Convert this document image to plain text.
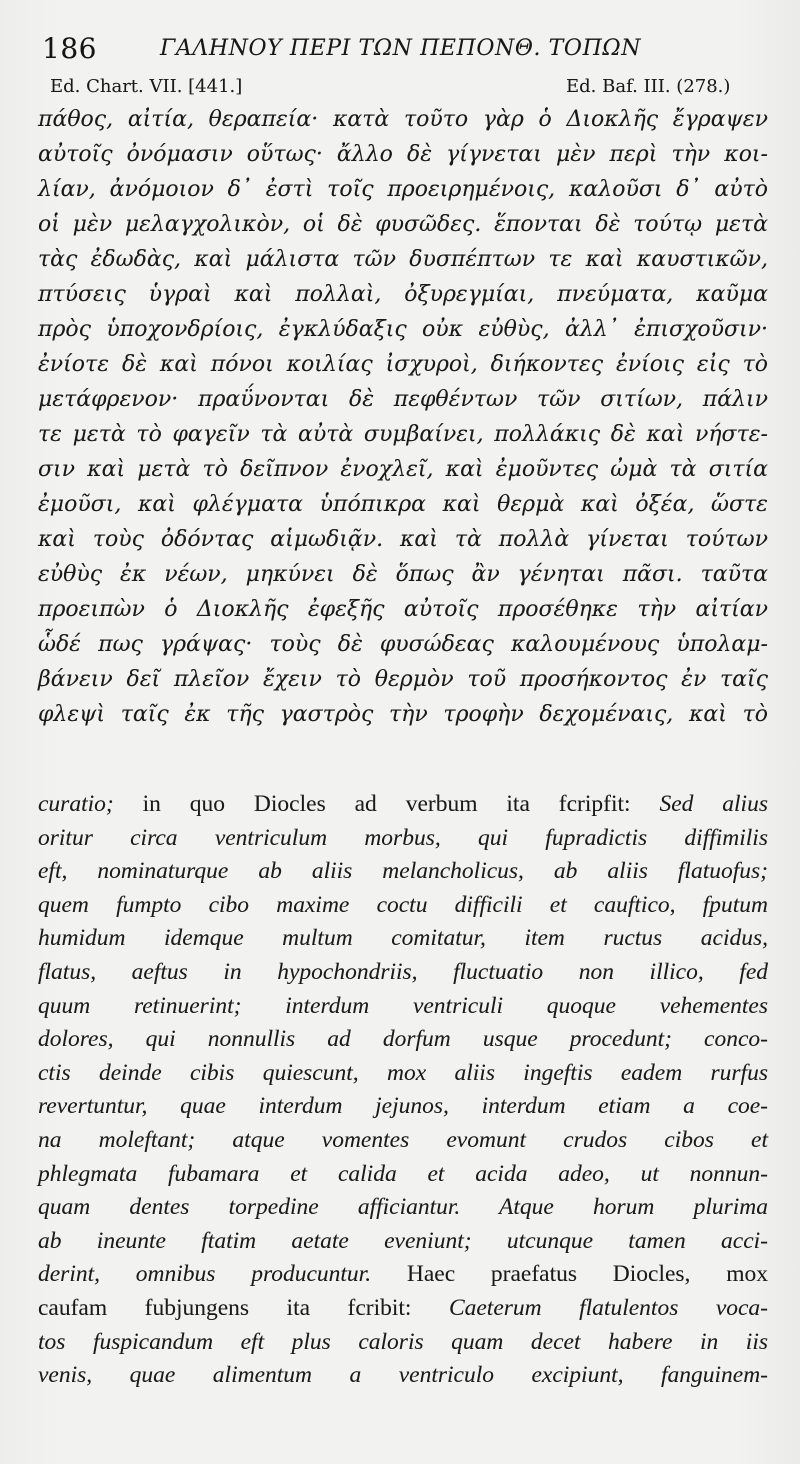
186	ΓΑΛΗΝΟΥ ΠΕΡΙ ΤΩΝ ΠΕΠΟΝΘ. ΤΟΠΩΝ
Ed. Chart. VII. [441.]	Ed. Baf. III. (278.)
πάθος, αἰτία, θεραπεία· κατὰ τοῦτο γὰρ ὁ Διοκλῆς ἔγραψεν
αὐτοῖς ὀνόμασιν οὕτως· ἄλλο δὲ γίγνεται μὲν περὶ τὴν κοι-
λίαν, ἀνόμοιον δ᾽ ἐστὶ τοῖς προειρημένοις, καλοῦσι δ᾽ αὐτὸ
οἱ μὲν μελαγχολικὸν, οἱ δὲ φυσῶδες. ἕπονται δὲ τούτῳ μετὰ
τὰς ἐδωδὰς, καὶ μάλιστα τῶν δυσπέπτων τε καὶ καυστικῶν,
πτύσεις ὑγραὶ καὶ πολλαὶ, ὀξυρεγμίαι, πνεύματα, καῦμα
πρὸς ὑποχονδρίοις, ἐγκλύδαξις οὐκ εὐθὺς, ἀλλ᾽ ἐπισχοῦσιν·
ἐνίοτε δὲ καὶ πόνοι κοιλίας ἰσχυροὶ, διήκοντες ἐνίοις εἰς τὸ
μετάφρενον· πραΰνονται δὲ πεφθέντων τῶν σιτίων, πάλιν
τε μετὰ τὸ φαγεῖν τὰ αὐτὰ συμβαίνει, πολλάκις δὲ καὶ νήστε-
σιν καὶ μετὰ τὸ δεῖπνον ἐνοχλεῖ, καὶ ἐμοῦντες ὠμὰ τὰ σιτία
ἐμοῦσι, καὶ φλέγματα ὑπόπικρα καὶ θερμὰ καὶ ὀξέα, ὥστε
καὶ τοὺς ὀδόντας αἱμωδιᾷν. καὶ τὰ πολλὰ γίνεται τούτων
εὐθὺς ἐκ νέων, μηκύνει δὲ ὅπως ἂν γένηται πᾶσι. ταῦτα
προειπὼν ὁ Διοκλῆς ἐφεξῆς αὐτοῖς προσέθηκε τὴν αἰτίαν
ὧδέ πως γράψας· τοὺς δὲ φυσώδεας καλουμένους ὑπολαμ-
βάνειν δεῖ πλεῖον ἔχειν τὸ θερμὸν τοῦ προσήκοντος ἐν ταῖς
φλεψὶ ταῖς ἐκ τῆς γαστρὸς τὴν τροφὴν δεχομέναις, καὶ τὸ
curatio; in quo Diocles ad verbum ita fcripfit: Sed alius
oritur circa ventriculum morbus, qui fupradictis diffimilis
eft, nominaturque ab aliis melancholicus, ab aliis flatuofus;
quem fumpto cibo maxime coctu difficili et cauftico, fputum
humidum idemque multum comitatur, item ructus acidus,
flatus, aeftus in hypochondriis, fluctuatio non illico, fed
quum retinuerint; interdum ventriculi quoque vehementes
dolores, qui nonnullis ad dorfum usque procedunt; conco-
ctis deinde cibis quiescunt, mox aliis ingeftis eadem rurfus
revertuntur, quae interdum jejunos, interdum etiam a coe-
na moleftant; atque vomentes evomunt crudos cibos et
phlegmata fubamara et calida et acida adeo, ut nonnun-
quam dentes torpedine afficiantur. Atque horum plurima
ab ineunte ftatim aetate eveniunt; utcunque tamen acci-
derint, omnibus producuntur. Haec praefatus Diocles, mox
caufam fubjungens ita fcribit: Caeterum flatulentos voca-
tos fuspicandum eft plus caloris quam decet habere in iis
venis, quae alimentum a ventriculo excipiunt, fanguinem-
